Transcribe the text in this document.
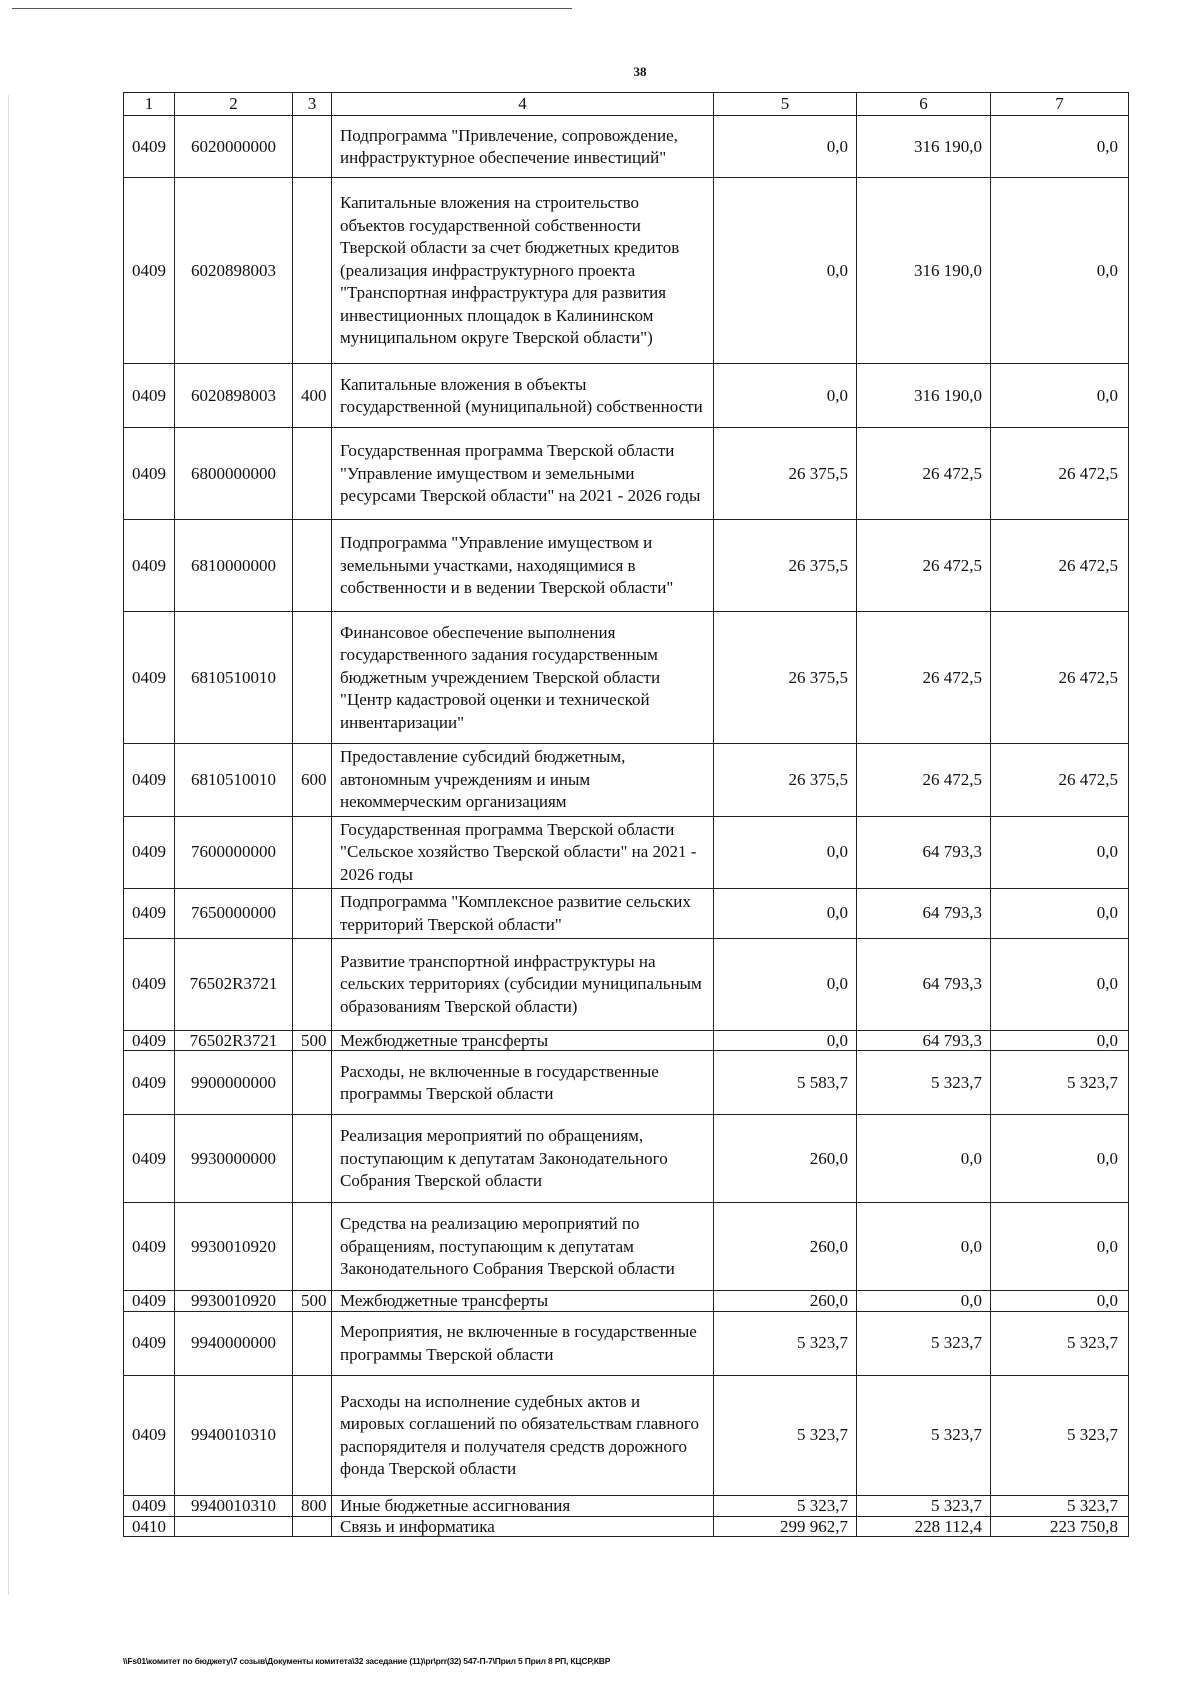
38
1	2	3	4	5	6	7
0409	6020000000		Подпрограмма "Привлечение, сопровождение, инфраструктурное обеспечение инвестиций"	0,0	316 190,0	0,0
0409	6020898003		Капитальные вложения на строительство объектов государственной собственности Тверской области за счет бюджетных кредитов (реализация инфраструктурного проекта "Транспортная инфраструктура для развития инвестиционных площадок в Калининском муниципальном округе Тверской области")	0,0	316 190,0	0,0
0409	6020898003	400	Капитальные вложения в объекты государственной (муниципальной) собственности	0,0	316 190,0	0,0
0409	6800000000		Государственная программа Тверской области "Управление имуществом и земельными ресурсами Тверской области" на 2021 - 2026 годы	26 375,5	26 472,5	26 472,5
0409	6810000000		Подпрограмма "Управление имуществом и земельными участками, находящимися в собственности и в ведении Тверской области"	26 375,5	26 472,5	26 472,5
0409	6810510010		Финансовое обеспечение выполнения государственного задания государственным бюджетным учреждением Тверской области "Центр кадастровой оценки и технической инвентаризации"	26 375,5	26 472,5	26 472,5
0409	6810510010	600	Предоставление субсидий бюджетным, автономным учреждениям и иным некоммерческим организациям	26 375,5	26 472,5	26 472,5
0409	7600000000		Государственная программа Тверской области "Сельское хозяйство Тверской области" на 2021 - 2026 годы	0,0	64 793,3	0,0
0409	7650000000		Подпрограмма "Комплексное развитие сельских территорий Тверской области"	0,0	64 793,3	0,0
0409	76502R3721		Развитие транспортной инфраструктуры на сельских территориях (субсидии муниципальным образованиям Тверской области)	0,0	64 793,3	0,0
0409	76502R3721	500	Межбюджетные трансферты	0,0	64 793,3	0,0
0409	9900000000		Расходы, не включенные в государственные программы Тверской области	5 583,7	5 323,7	5 323,7
0409	9930000000		Реализация мероприятий по обращениям, поступающим к депутатам Законодательного Собрания Тверской области	260,0	0,0	0,0
0409	9930010920		Средства на реализацию мероприятий по обращениям, поступающим к депутатам Законодательного Собрания Тверской области	260,0	0,0	0,0
0409	9930010920	500	Межбюджетные трансферты	260,0	0,0	0,0
0409	9940000000		Мероприятия, не включенные в государственные программы Тверской области	5 323,7	5 323,7	5 323,7
0409	9940010310		Расходы на исполнение судебных актов и мировых соглашений по обязательствам главного распорядителя и получателя средств дорожного фонда Тверской области	5 323,7	5 323,7	5 323,7
0409	9940010310	800	Иные бюджетные ассигнования	5 323,7	5 323,7	5 323,7
0410			Связь и информатика	299 962,7	228 112,4	223 750,8
\\Fs01\комитет по бюджету\7 созыв\Документы комитета\32 заседание (11)\pr\prr(32) 547-П-7\Прил 5 Прил 8 РП, КЦСР,КВР
